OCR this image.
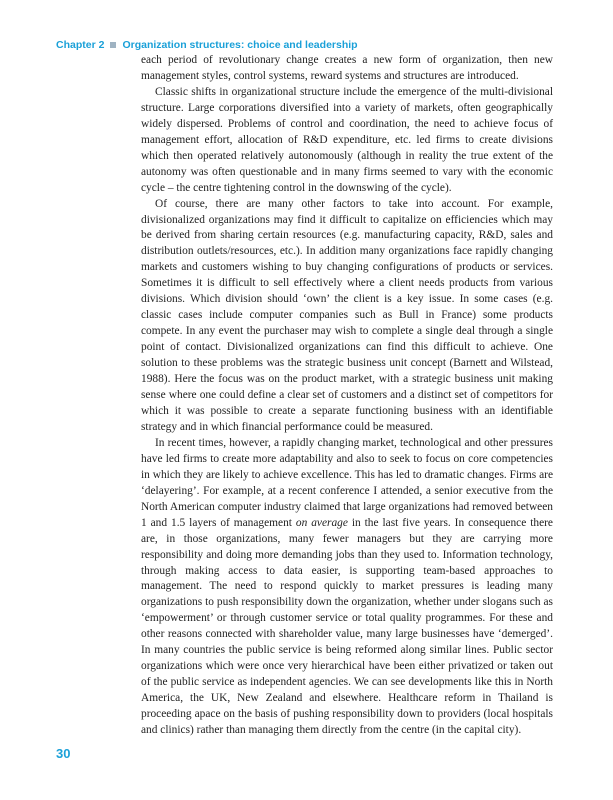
Chapter 2 Organization structures: choice and leadership

each period of revolutionary change creates a new form of organization, then new management styles, control systems, reward systems and structures are introduced.

Classic shifts in organizational structure include the emergence of the multi-divisional structure. Large corporations diversified into a variety of markets, often geographically widely dispersed. Problems of control and coordination, the need to achieve focus of management effort, allocation of R&D expenditure, etc. led firms to create divisions which then operated relatively autonomously (although in reality the true extent of the autonomy was often questionable and in many firms seemed to vary with the economic cycle – the centre tightening control in the downswing of the cycle).

Of course, there are many other factors to take into account. For example, divisionalized organizations may find it difficult to capitalize on efficiencies which may be derived from sharing certain resources (e.g. manufacturing capacity, R&D, sales and distribution outlets/resources, etc.). In addition many organizations face rapidly changing markets and customers wishing to buy changing configurations of products or services. Sometimes it is difficult to sell effectively where a client needs products from various divisions. Which division should ‘own’ the client is a key issue. In some cases (e.g. classic cases include computer companies such as Bull in France) some products compete. In any event the purchaser may wish to complete a single deal through a single point of contact. Divisionalized organizations can find this difficult to achieve. One solution to these problems was the strategic business unit concept (Barnett and Wilstead, 1988). Here the focus was on the product market, with a strategic business unit making sense where one could define a clear set of customers and a distinct set of competitors for which it was possible to create a separate functioning business with an identifiable strategy and in which financial performance could be measured.

In recent times, however, a rapidly changing market, technological and other pressures have led firms to create more adaptability and also to seek to focus on core competencies in which they are likely to achieve excellence. This has led to dramatic changes. Firms are ‘delayering’. For example, at a recent conference I attended, a senior executive from the North American computer industry claimed that large organizations had removed between 1 and 1.5 layers of management on average in the last five years. In consequence there are, in those organizations, many fewer managers but they are carrying more responsibility and doing more demanding jobs than they used to. Information technology, through making access to data easier, is supporting team-based approaches to management. The need to respond quickly to market pressures is leading many organizations to push responsibility down the organization, whether under slogans such as ‘empowerment’ or through customer service or total quality programmes. For these and other reasons connected with shareholder value, many large businesses have ‘demerged’. In many countries the public service is being reformed along similar lines. Public sector organizations which were once very hierarchical have been either privatized or taken out of the public service as independent agencies. We can see developments like this in North America, the UK, New Zealand and elsewhere. Healthcare reform in Thailand is proceeding apace on the basis of pushing responsibility down to providers (local hospitals and clinics) rather than managing them directly from the centre (in the capital city).

30
